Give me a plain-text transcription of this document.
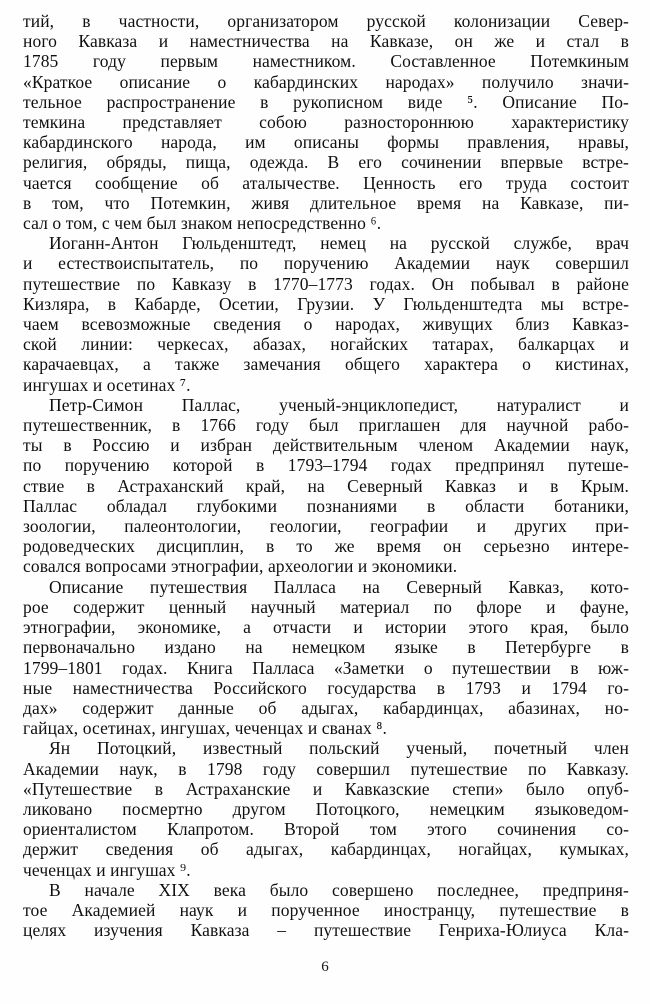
тий, в частности, организатором русской колонизации Север-
ного Кавказа и наместничества на Кавказе, он же и стал в
1785 году первым наместником. Составленное Потемкиным
«Краткое описание о кабардинских народах» получило значи-
тельное распространение в рукописном виде ⁵. Описание По-
темкина представляет собою разностороннюю характеристику
кабардинского народа, им описаны формы правления, нравы,
религия, обряды, пища, одежда. В его сочинении впервые встре-
чается сообщение об аталычестве. Ценность его труда состоит
в том, что Потемкин, живя длительное время на Кавказе, пи-
сал о том, с чем был знаком непосредственно ⁶.
Иоганн-Антон Гюльденштедт, немец на русской службе, врач
и естествоиспытатель, по поручению Академии наук совершил
путешествие по Кавказу в 1770–1773 годах. Он побывал в районе
Кизляра, в Кабарде, Осетии, Грузии. У Гюльденштедта мы встре-
чаем всевозможные сведения о народах, живущих близ Кавказ-
ской линии: черкесах, абазах, ногайских татарах, балкарцах и
карачаевцах, а также замечания общего характера о кистинах,
ингушах и осетинах ⁷.
Петр-Симон Паллас, ученый-энциклопедист, натуралист и
путешественник, в 1766 году был приглашен для научной рабо-
ты в Россию и избран действительным членом Академии наук,
по поручению которой в 1793–1794 годах предпринял путеше-
ствие в Астраханский край, на Северный Кавказ и в Крым.
Паллас обладал глубокими познаниями в области ботаники,
зоологии, палеонтологии, геологии, географии и других при-
родоведческих дисциплин, в то же время он серьезно интере-
совался вопросами этнографии, археологии и экономики.
Описание путешествия Палласа на Северный Кавказ, кото-
рое содержит ценный научный материал по флоре и фауне,
этнографии, экономике, а отчасти и истории этого края, было
первоначально издано на немецком языке в Петербурге в
1799–1801 годах. Книга Палласа «Заметки о путешествии в юж-
ные наместничества Российского государства в 1793 и 1794 го-
дах» содержит данные об адыгах, кабардинцах, абазинах, но-
гайцах, осетинах, ингушах, чеченцах и сванах ⁸.
Ян Потоцкий, известный польский ученый, почетный член
Академии наук, в 1798 году совершил путешествие по Кавказу.
«Путешествие в Астраханские и Кавказские степи» было опуб-
ликовано посмертно другом Потоцкого, немецким языковедом-
ориенталистом Клапротом. Второй том этого сочинения со-
держит сведения об адыгах, кабардинцах, ногайцах, кумыках,
чеченцах и ингушах ⁹.
В начале XIX века было совершено последнее, предприня-
тое Академией наук и порученное иностранцу, путешествие в
целях изучения Кавказа – путешествие Генриха-Юлиуса Кла-
6
